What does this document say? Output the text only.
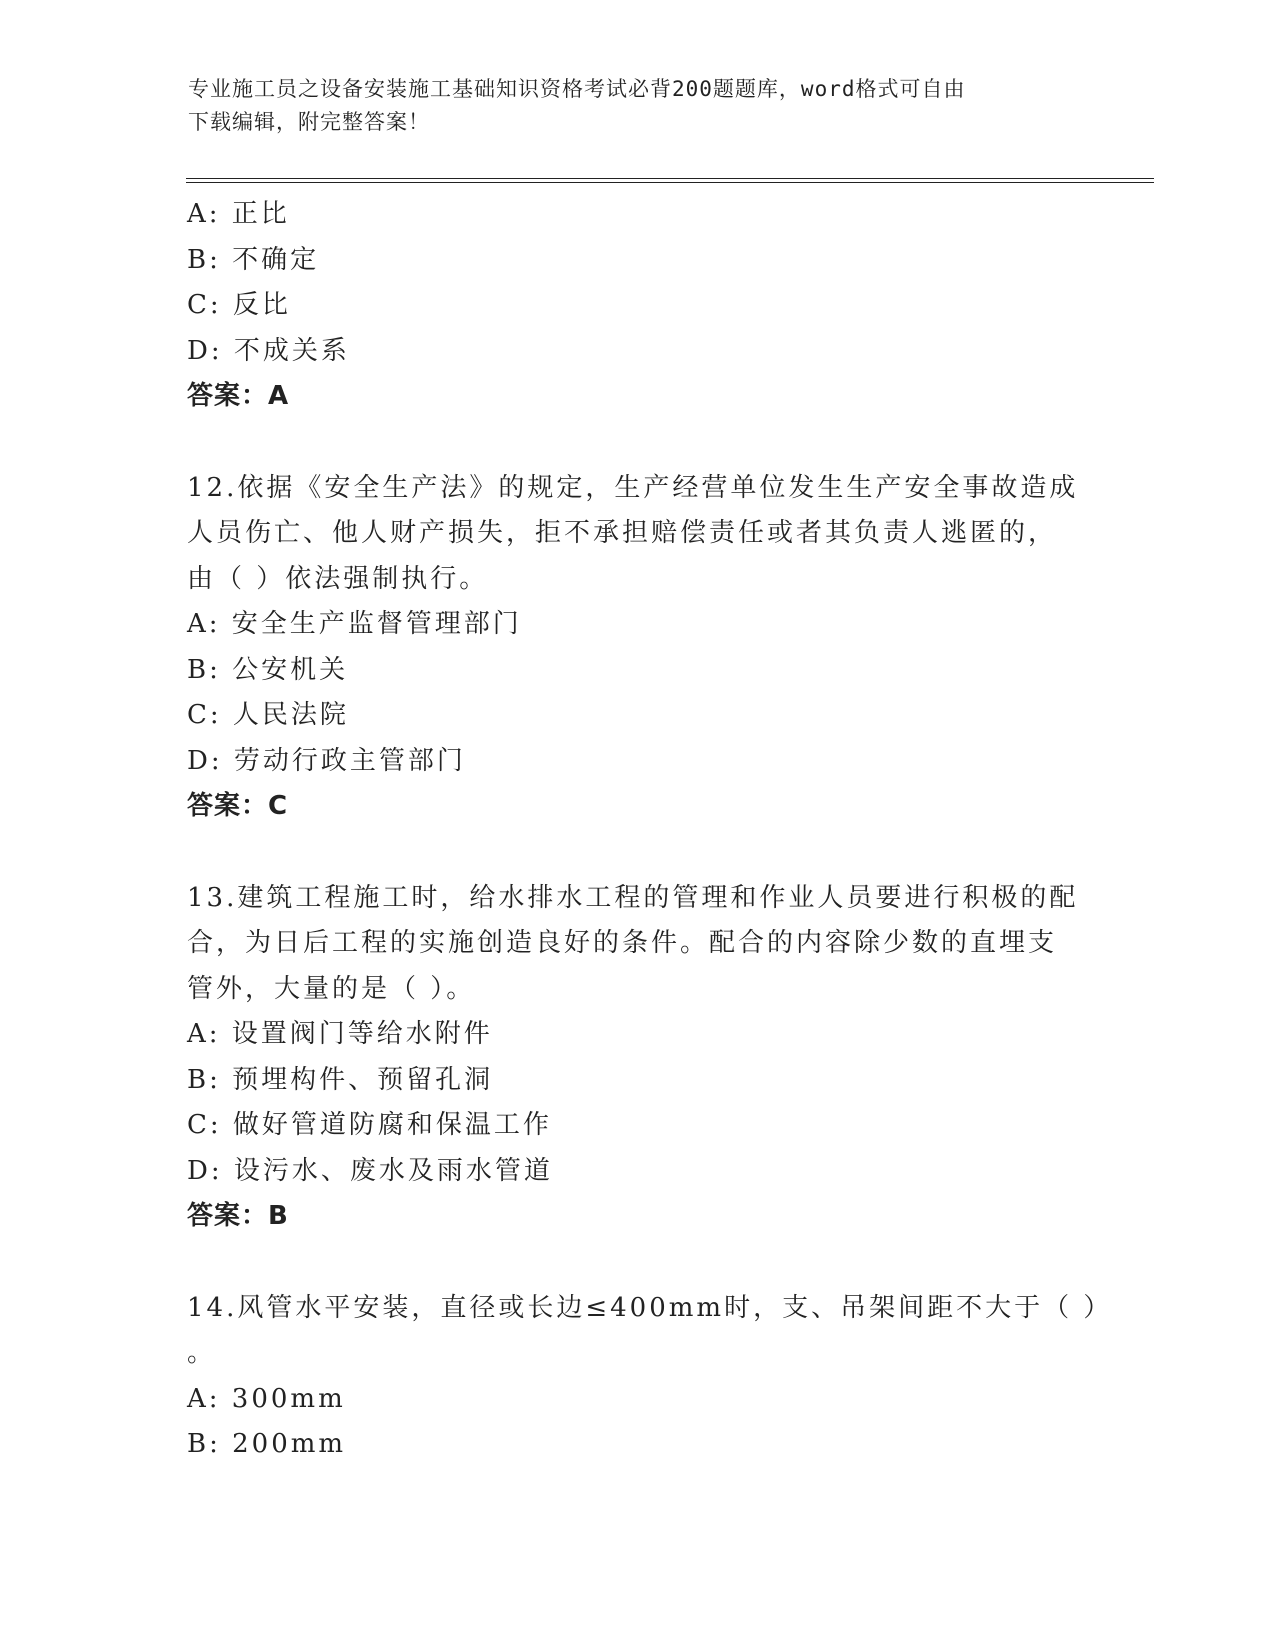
专业施工员之设备安装施工基础知识资格考试必背200题题库，word格式可自由
下载编辑，附完整答案！
A: 正比
B: 不确定
C: 反比
D: 不成关系
答案：A
12.依据《安全生产法》的规定，生产经营单位发生生产安全事故造成
人员伤亡、他人财产损失，拒不承担赔偿责任或者其负责人逃匿的，
由（ ）依法强制执行。
A: 安全生产监督管理部门
B: 公安机关
C: 人民法院
D: 劳动行政主管部门
答案：C
13.建筑工程施工时，给水排水工程的管理和作业人员要进行积极的配
合，为日后工程的实施创造良好的条件。配合的内容除少数的直埋支
管外，大量的是（ ）。
A: 设置阀门等给水附件
B: 预埋构件、预留孔洞
C: 做好管道防腐和保温工作
D: 设污水、废水及雨水管道
答案：B
14.风管水平安装，直径或长边≤400mm时，支、吊架间距不大于（ ）
。
A: 300mm
B: 200mm
